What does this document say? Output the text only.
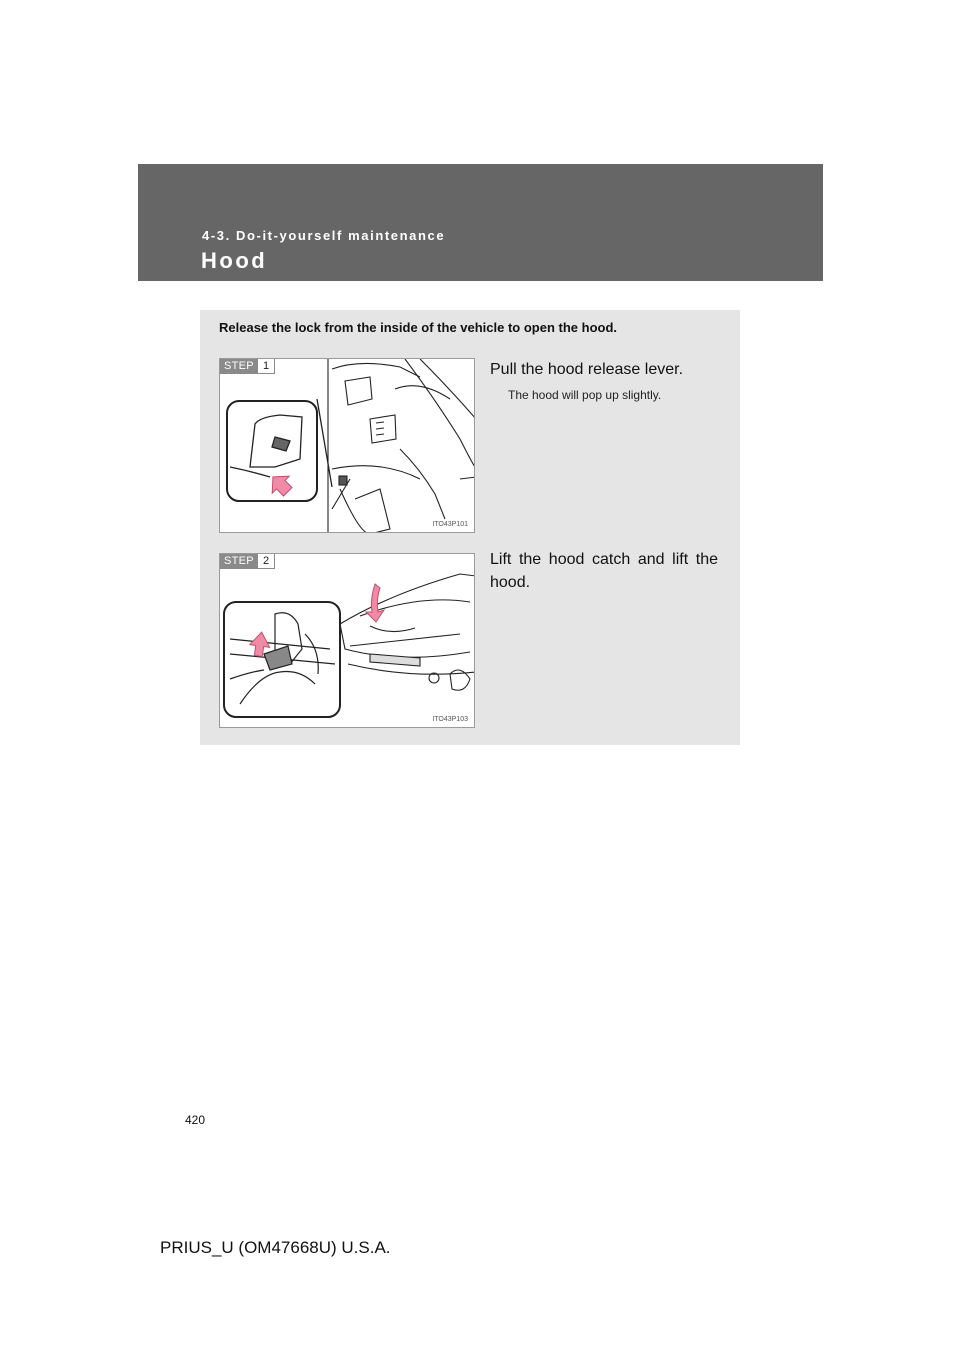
4-3. Do-it-yourself maintenance
Hood
Release the lock from the inside of the vehicle to open the hood.
STEP 1
ITO43P101
Pull the hood release lever.
The hood will pop up slightly.
STEP 2
ITO43P103
Lift the hood catch and lift the hood.
420
PRIUS_U (OM47668U) U.S.A.
